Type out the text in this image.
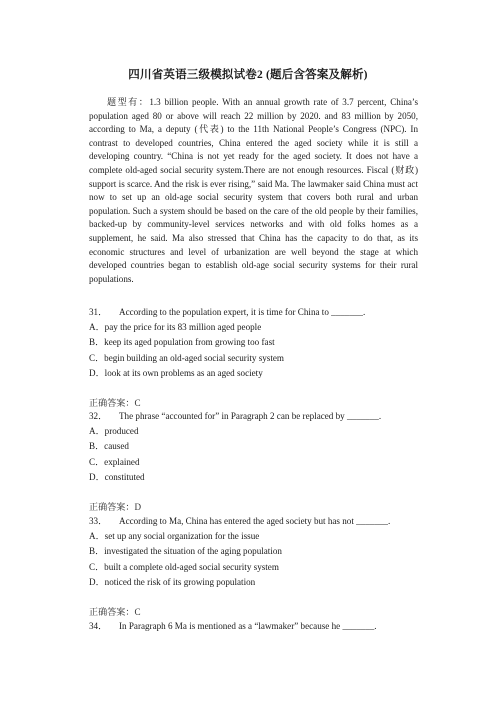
四川省英语三级模拟试卷2 (题后含答案及解析)

题型有：1.3 billion people. With an annual growth rate of 3.7 percent, China’s population aged 80 or above will reach 22 million by 2020. and 83 million by 2050, according to Ma, a deputy (代表) to the 11th National People’s Congress (NPC). In contrast to developed countries, China entered the aged society while it is still a developing country. “China is not yet ready for the aged society. It does not have a complete old-aged social security system.There are not enough resources. Fiscal (财政) support is scarce. And the risk is ever rising,” said Ma. The lawmaker said China must act now to set up an old-age social security system that covers both rural and urban population. Such a system should be based on the care of the old people by their families, backed-up by community-level services networks and with old folks homes as a supplement, he said. Ma also stressed that China has the capacity to do that, as its economic structures and level of urbanization are well beyond the stage at which developed countries began to establish old-age social security systems for their rural populations.

31． According to the population expert, it is time for China to _______.
A．pay the price for its 83 million aged people
B．keep its aged population from growing too fast
C．begin building an old-aged social security system
D．look at its own problems as an aged society
正确答案：C
32． The phrase “accounted for” in Paragraph 2 can be replaced by _______.
A．produced
B．caused
C．explained
D．constituted
正确答案：D
33． According to Ma, China has entered the aged society but has not _______.
A．set up any social organization for the issue
B．investigated the situation of the aging population
C．built a complete old-aged social security system
D．noticed the risk of its growing population
正确答案：C
34． In Paragraph 6 Ma is mentioned as a “lawmaker” because he _______.
